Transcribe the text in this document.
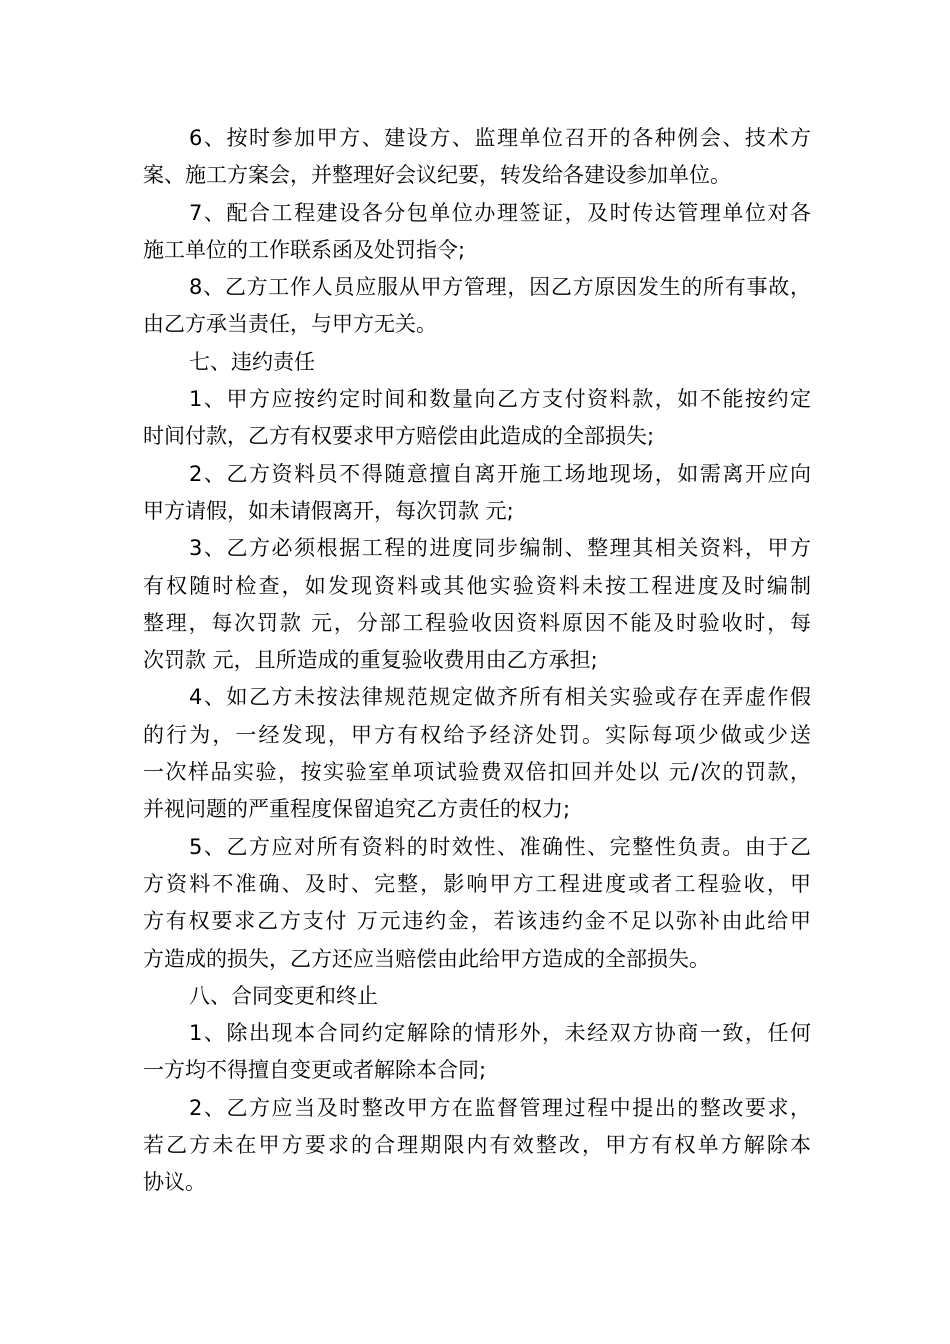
6、按时参加甲方、建设方、监理单位召开的各种例会、技术方
案、施工方案会，并整理好会议纪要，转发给各建设参加单位。
7、配合工程建设各分包单位办理签证，及时传达管理单位对各
施工单位的工作联系函及处罚指令;
8、乙方工作人员应服从甲方管理，因乙方原因发生的所有事故，
由乙方承当责任，与甲方无关。
七、违约责任
1、甲方应按约定时间和数量向乙方支付资料款，如不能按约定
时间付款，乙方有权要求甲方赔偿由此造成的全部损失;
2、乙方资料员不得随意擅自离开施工场地现场，如需离开应向
甲方请假，如未请假离开，每次罚款 元;
3、乙方必须根据工程的进度同步编制、整理其相关资料，甲方
有权随时检查，如发现资料或其他实验资料未按工程进度及时编制
整理，每次罚款 元，分部工程验收因资料原因不能及时验收时，每
次罚款 元，且所造成的重复验收费用由乙方承担;
4、如乙方未按法律规范规定做齐所有相关实验或存在弄虚作假
的行为，一经发现，甲方有权给予经济处罚。实际每项少做或少送
一次样品实验，按实验室单项试验费双倍扣回并处以 元/次的罚款，
并视问题的严重程度保留追究乙方责任的权力;
5、乙方应对所有资料的时效性、准确性、完整性负责。由于乙
方资料不准确、及时、完整，影响甲方工程进度或者工程验收，甲
方有权要求乙方支付 万元违约金，若该违约金不足以弥补由此给甲
方造成的损失，乙方还应当赔偿由此给甲方造成的全部损失。
八、合同变更和终止
1、除出现本合同约定解除的情形外，未经双方协商一致，任何
一方均不得擅自变更或者解除本合同;
2、乙方应当及时整改甲方在监督管理过程中提出的整改要求，
若乙方未在甲方要求的合理期限内有效整改，甲方有权单方解除本
协议。
